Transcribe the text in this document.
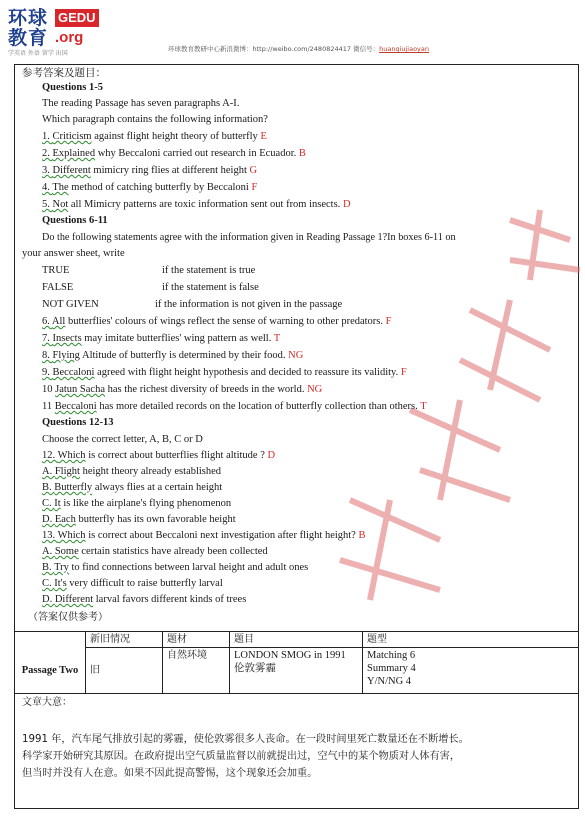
环球 GEDU
教育 .org
学英语 外语 留学 出国
环球教育教研中心新浪微博：http://weibo.com/2480824417 微信号：huanqiujiaoyan
参考答案及题目：
Questions 1-5
The reading Passage has seven paragraphs A-I.
Which paragraph contains the following information?
1. Criticism against flight height theory of butterfly E
2. Explained why Beccaloni carried out research in Ecuador. B
3. Different mimicry ring flies at different height G
4. The method of catching butterfly by Beccaloni F
5. Not all Mimicry patterns are toxic information sent out from insects. D
Questions 6-11
Do the following statements agree with the information given in Reading Passage 1?In boxes 6-11 on
your answer sheet, write
TRUE	if the statement is true
FALSE	if the statement is false
NOT GIVEN	if the information is not given in the passage
6. All butterflies' colours of wings reflect the sense of warning to other predators. F
7. Insects may imitate butterflies' wing pattern as well. T
8. Flying Altitude of butterfly is determined by their food. NG
9. Beccaloni agreed with flight height hypothesis and decided to reassure its validity. F
10 Jatun Sacha has the richest diversity of breeds in the world. NG
11 Beccaloni has more detailed records on the location of butterfly collection than others. T
Questions 12-13
Choose the correct letter, A, B, C or D
12. Which is correct about butterflies flight altitude ? D
A. Flight height theory already established
B. Butterfly always flies at a certain height
C. It is like the airplane's flying phenomenon
D. Each butterfly has its own favorable height
13. Which is correct about Beccaloni next investigation after flight height? B
A. Some certain statistics have already been collected
B. Try to find connections between larval height and adult ones
C. It's very difficult to raise butterfly larval
D. Different larval favors different kinds of trees
（答案仅供参考）
	新旧情况	题材	题目	题型
Passage Two	旧	自然环境	LONDON SMOG in 1991 伦敦雾霾	Matching 6
Summary 4
Y/N/NG 4
文章大意：
1991 年，汽车尾气排放引起的雾霾，使伦敦雾很多人丧命。在一段时间里死亡数量还在不断增长。
科学家开始研究其原因。在政府提出空气质量监督以前就提出过，空气中的某个物质对人体有害，
但当时并没有人在意。如果不因此提高警惕，这个现象还会加重。
